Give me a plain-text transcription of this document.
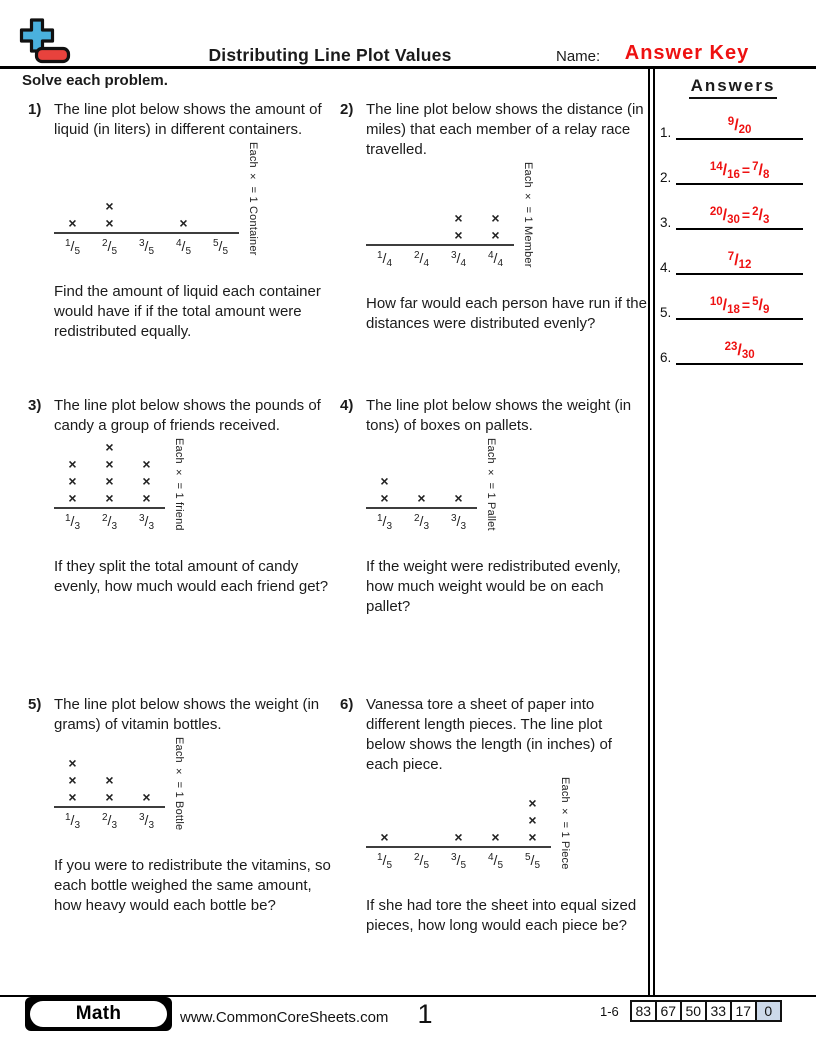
Distributing Line Plot Values	Name:	Answer Key
Solve each problem.
1) The line plot below shows the amount of liquid (in liters) in different containers.
×
×
×	×
$^1/_5$
$^2/_5$
$^3/_5$
$^4/_5$
$^5/_5$	Each × = 1 Container
Find the amount of liquid each container would have if if the total amount were redistributed equally.
2) The line plot below shows the distance (in miles) that each member of a relay race travelled.
×
×
×
×
$^1/_4$
$^2/_4$
$^3/_4$
$^4/_4$	Each × = 1 Member
How far would each person have run if the distances were distributed evenly?
3) The line plot below shows the pounds of candy a group of friends received.
×
×
×
×
×
×
×
×
×
×
$^1/_3$
$^2/_3$
$^3/_3$	Each × = 1 friend
If they split the total amount of candy evenly, how much would each friend get?
4) The line plot below shows the weight (in tons) of boxes on pallets.
×
× × ×
$^1/_3$
$^2/_3$
$^3/_3$	Each × = 1 Pallet
If the weight were redistributed evenly, how much weight would be on each pallet?
5) The line plot below shows the weight (in grams) of vitamin bottles.
×
×
×
×
× ×
$^1/_3$
$^2/_3$
$^3/_3$	Each × = 1 Bottle
If you were to redistribute the vitamins, so each bottle weighed the same amount, how heavy would each bottle be?
6) Vanessa tore a sheet of paper into different length pieces. The line plot below shows the length (in inches) of each piece.
×	× ×
×
×
×
$^1/_5$
$^2/_5$
$^3/_5$
$^4/_5$
$^5/_5$	Each × = 1 Piece
If she had tore the sheet into equal sized pieces, how long would each piece be?
Answers
1.
$^9$/20
2.
$^{14}$/16 = $^7$/8
3.
$^{20}$/30 = $^2$/3
4.
$^7$/12
5.
$^{10}$/18 = $^5$/9
6.
$^{23}$/30
Math	www.CommonCoreSheets.com	1	1-6	83 67 50 33 17 0
